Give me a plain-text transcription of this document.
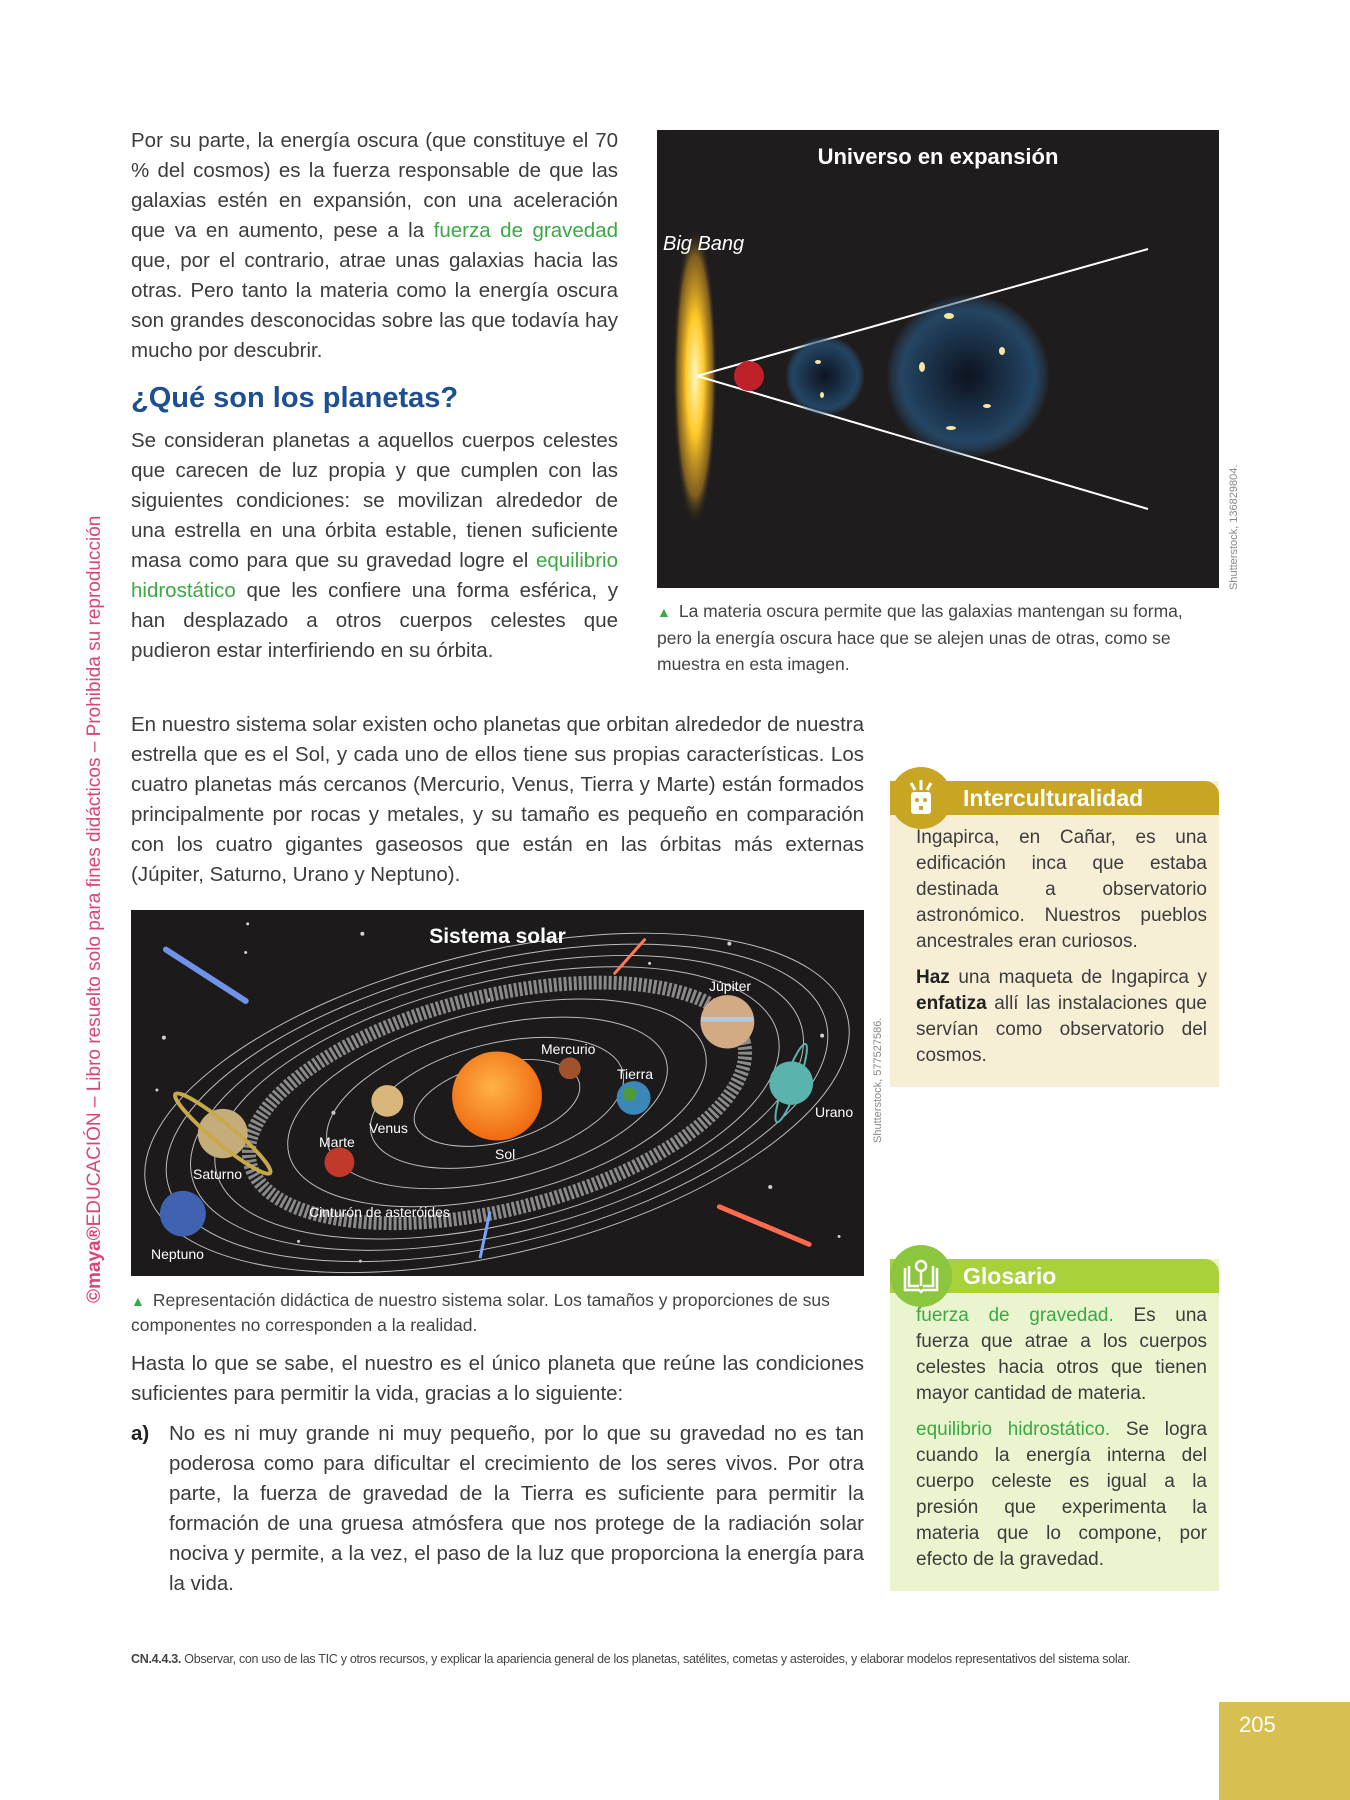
©maya®EDUCACIÓN – Libro resuelto solo para fines didácticos – Prohibida su reproducción
Universo en expansión
Big Bang
Shutterstock, 136829804.
▲ La materia oscura permite que las galaxias mantengan su forma, pero la energía oscura hace que se alejen unas de otras, como se muestra en esta imagen.
Por su parte, la energía oscura (que constituye el 70 % del cosmos) es la fuerza responsable de que las galaxias estén en expansión, con una aceleración que va en aumento, pese a la fuerza de gravedad que, por el contrario, atrae unas galaxias hacia las otras. Pero tanto la materia como la energía oscura son grandes desconocidas sobre las que todavía hay mucho por descubrir.
¿Qué son los planetas?
Se consideran planetas a aquellos cuerpos celestes que carecen de luz propia y que cumplen con las siguientes condiciones: se movilizan alrededor de una estrella en una órbita estable, tienen suficiente masa como para que su gravedad logre el equilibrio hidrostático que les confiere una forma esférica, y han desplazado a otros cuerpos celestes que pudieron estar interfiriendo en su órbita.
En nuestro sistema solar existen ocho planetas que orbitan alrededor de nuestra estrella que es el Sol, y cada uno de ellos tiene sus propias características. Los cuatro planetas más cercanos (Mercurio, Venus, Tierra y Marte) están formados principalmente por rocas y metales, y su tamaño es pequeño en comparación con los cuatro gigantes gaseosos que están en las órbitas más externas (Júpiter, Saturno, Urano y Neptuno).
Sistema solar
Sol
Mercurio
Venus
Tierra
Marte
Júpiter
Urano
Saturno
Neptuno
Cinturón de asteróides
▲ Representación didáctica de nuestro sistema solar. Los tamaños y proporciones de sus componentes no corresponden a la realidad.
Hasta lo que se sabe, el nuestro es el único planeta que reúne las condiciones suficientes para permitir la vida, gracias a lo siguiente:
a) No es ni muy grande ni muy pequeño, por lo que su gravedad no es tan poderosa como para dificultar el crecimiento de los seres vivos. Por otra parte, la fuerza de gravedad de la Tierra es suficiente para permitir la formación de una gruesa atmósfera que nos protege de la radiación solar nociva y permite, a la vez, el paso de la luz que proporciona la energía para la vida.
Shutterstock, 577527586.
Interculturalidad

Ingapirca, en Cañar, es una edificación inca que estaba destinada a observatorio astronómico. Nuestros pueblos ancestrales eran curiosos.

Haz una maqueta de Ingapirca y enfatiza allí las instalaciones que servían como observatorio del cosmos.

Glosario

fuerza de gravedad. Es una fuerza que atrae a los cuerpos celestes hacia otros que tienen mayor cantidad de materia.

equilibrio hidrostático. Se logra cuando la energía interna del cuerpo celeste es igual a la presión que experimenta la materia que lo compone, por efecto de la gravedad.

CN.4.4.3. Observar, con uso de las TIC y otros recursos, y explicar la apariencia general de los planetas, satélites, cometas y asteroides, y elaborar modelos representativos del sistema solar.
205
